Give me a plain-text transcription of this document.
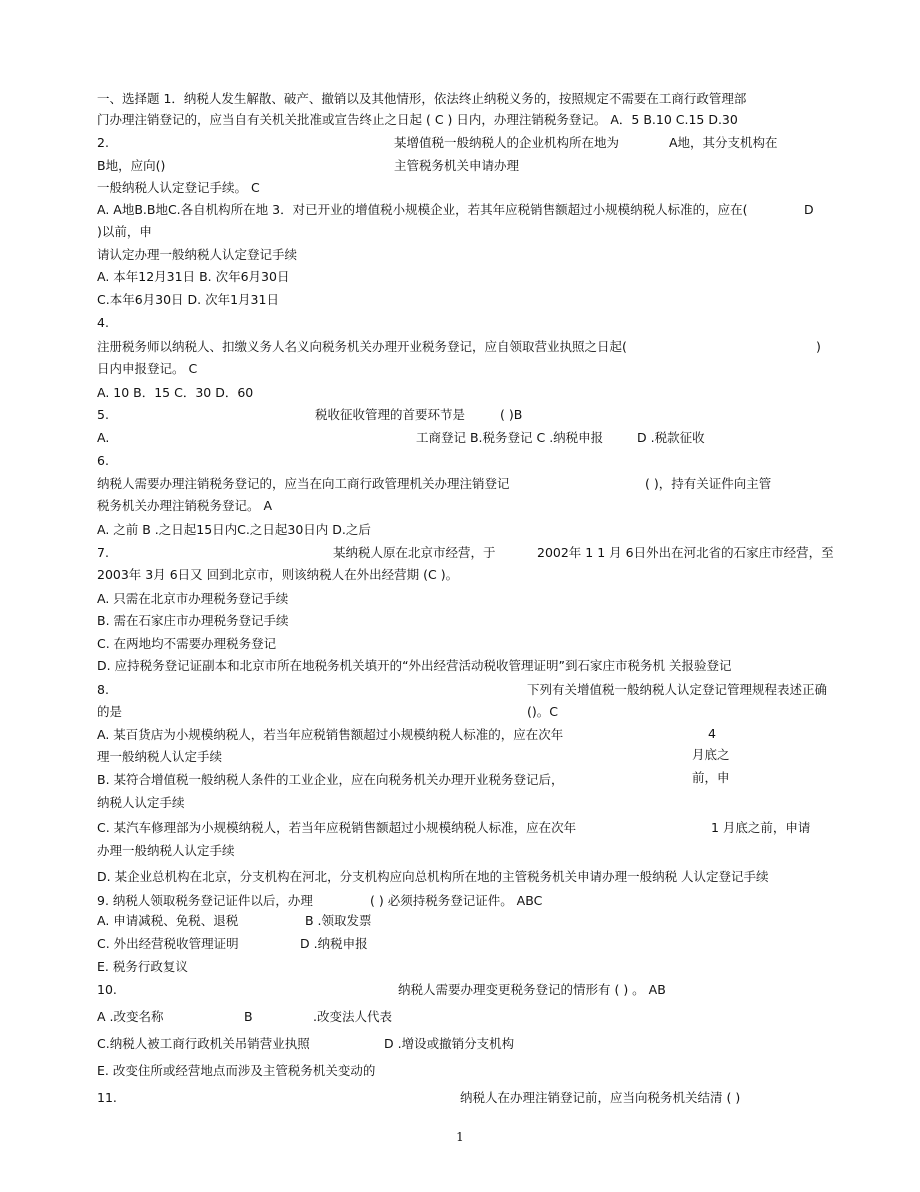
一、选择题 1．纳税人发生解散、破产、撤销以及其他情形，依法终止纳税义务的，按照规定不需要在工商行政管理部
门办理注销登记的，应当自有关机关批准或宣告终止之日起 ( C ) 日内，办理注销税务登记。 A．5 B.10 C.15 D.30
2.	某增值税一般纳税人的企业机构所在地为	A地，其分支机构在
B地，应向()	主管税务机关申请办理
一般纳税人认定登记手续。 C
A. A地B.B地C.各自机构所在地 3．对已开业的增值税小规模企业，若其年应税销售额超过小规模纳税人标准的，应在(	D
)以前，申
请认定办理一般纳税人认定登记手续
A. 本年12月31日 B. 次年6月30日
C.本年6月30日 D. 次年1月31日
4.
注册税务师以纳税人、扣缴义务人名义向税务机关办理开业税务登记，应自领取营业执照之日起(	)
日内申报登记。 C
A. 10 B．15 C．30 D．60
5.	税收征收管理的首要环节是	( )B
A.	工商登记 B.税务登记 C .纳税申报	D .税款征收
6.
纳税人需要办理注销税务登记的，应当在向工商行政管理机关办理注销登记	( )，持有关证件向主管
税务机关办理注销税务登记。 A
A. 之前 B .之日起15日内C.之日起30日内 D.之后
7.	某纳税人原在北京市经营，于	2002年 1 1 月 6日外出在河北省的石家庄市经营，至
2003年 3月 6日又 回到北京市，则该纳税人在外出经营期 (C )。
A. 只需在北京市办理税务登记手续
B. 需在石家庄市办理税务登记手续
C. 在两地均不需要办理税务登记
D. 应持税务登记证副本和北京市所在地税务机关填开的“外出经营活动税收管理证明”到石家庄市税务机 关报验登记
8.	下列有关增值税一般纳税人认定登记管理规程表述正确
的是	()。C
A. 某百货店为小规模纳税人，若当年应税销售额超过小规模纳税人标准的，应在次年	4
理一般纳税人认定手续	月底之
B. 某符合增值税一般纳税人条件的工业企业，应在向税务机关办理开业税务登记后，	前，申
纳税人认定手续
C. 某汽车修理部为小规模纳税人，若当年应税销售额超过小规模纳税人标准，应在次年	1 月底之前，申请
办理一般纳税人认定手续
D. 某企业总机构在北京，分支机构在河北，分支机构应向总机构所在地的主管税务机关申请办理一般纳税 人认定登记手续
9. 纳税人领取税务登记证件以后，办理	( ) 必须持税务登记证件。 ABC
A. 申请减税、免税、退税	B .领取发票
C. 外出经营税收管理证明	D .纳税申报
E. 税务行政复议
10.	纳税人需要办理变更税务登记的情形有 ( ) 。 AB
A .改变名称	B	.改变法人代表
C.纳税人被工商行政机关吊销营业执照	D .增设或撤销分支机构
E. 改变住所或经营地点而涉及主管税务机关变动的
11.	纳税人在办理注销登记前，应当向税务机关结清 ( )
1
